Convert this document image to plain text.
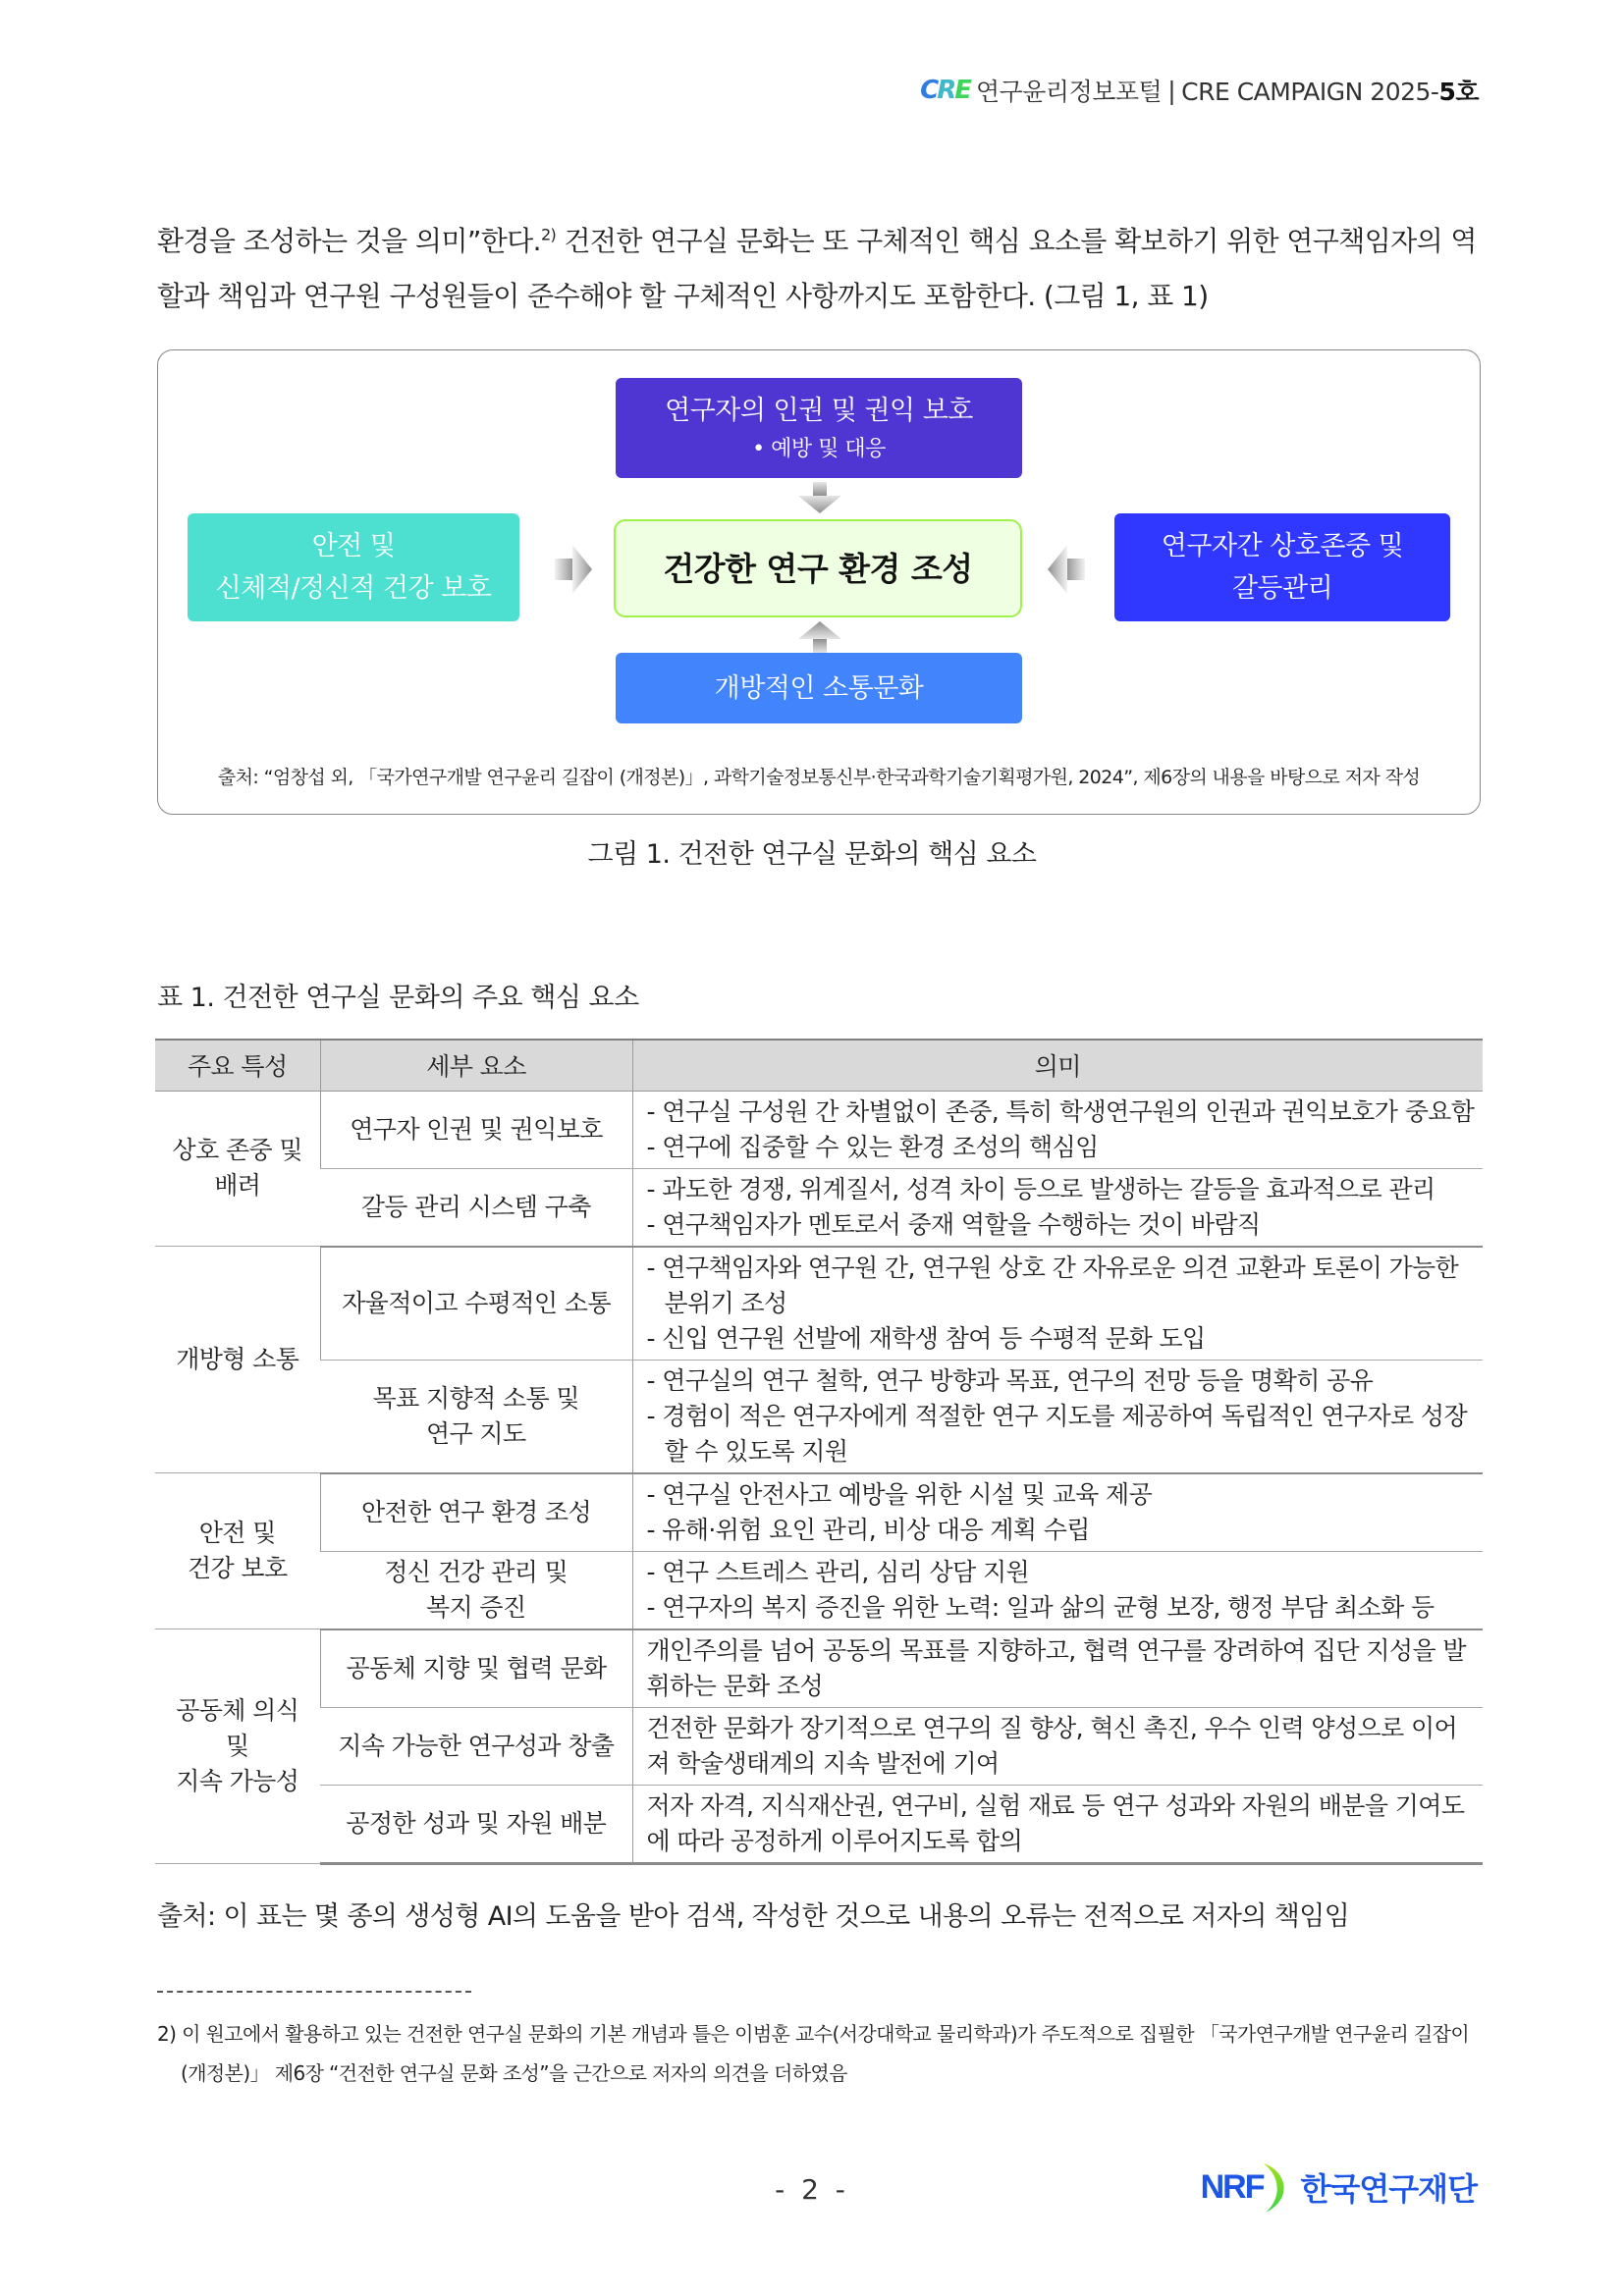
CRE 연구윤리정보포털 | CRE CAMPAIGN 2025-5호

환경을 조성하는 것을 의미”한다.$^{2)}$ 건전한 연구실 문화는 또 구체적인 핵심 요소를 확보하기 위한 연구책임자의 역할과 책임과 연구원 구성원들이 준수해야 할 구체적인 사항까지도 포함한다. (그림 1, 표 1)

연구자의 인권 및 권익 보호
• 예방 및 대응
안전 및
신체적/정신적 건강 보호
건강한 연구 환경 조성
연구자간 상호존중 및
갈등관리
개방적인 소통문화
출처: “엄창섭 외, 「국가연구개발 연구윤리 길잡이 (개정본)」, 과학기술정보통신부·한국과학기술기획평가원, 2024”, 제6장의 내용을 바탕으로 저자 작성
그림 1. 건전한 연구실 문화의 핵심 요소
표 1. 건전한 연구실 문화의 주요 핵심 요소
주요 특성	세부 요소	의미
상호 존중 및
배려	연구자 인권 및 권익보호	- 연구실 구성원 간 차별없이 존중, 특히 학생연구원의 인권과 권익보호가 중요함
- 연구에 집중할 수 있는 환경 조성의 핵심임

	갈등 관리 시스템 구축	- 과도한 경쟁, 위계질서, 성격 차이 등으로 발생하는 갈등을 효과적으로 관리
- 연구책임자가 멘토로서 중재 역할을 수행하는 것이 바람직

개방형 소통	자율적이고 수평적인 소통	- 연구책임자와 연구원 간, 연구원 상호 간 자유로운 의견 교환과 토론이 가능한 분위기 조성
- 신입 연구원 선발에 재학생 참여 등 수평적 문화 도입

	목표 지향적 소통 및
연구 지도	- 연구실의 연구 철학, 연구 방향과 목표, 연구의 전망 등을 명확히 공유
- 경험이 적은 연구자에게 적절한 연구 지도를 제공하여 독립적인 연구자로 성장할 수 있도록 지원

안전 및
건강 보호	안전한 연구 환경 조성	- 연구실 안전사고 예방을 위한 시설 및 교육 제공
- 유해·위험 요인 관리, 비상 대응 계획 수립

	정신 건강 관리 및
복지 증진	- 연구 스트레스 관리, 심리 상담 지원
- 연구자의 복지 증진을 위한 노력: 일과 삶의 균형 보장, 행정 부담 최소화 등

공동체 의식
및
지속 가능성	공동체 지향 및 협력 문화	개인주의를 넘어 공동의 목표를 지향하고, 협력 연구를 장려하여 집단 지성을 발휘하는 문화 조성
	지속 가능한 연구성과 창출	건전한 문화가 장기적으로 연구의 질 향상, 혁신 촉진, 우수 인력 양성으로 이어져 학술생태계의 지속 발전에 기여
	공정한 성과 및 자원 배분	저자 자격, 지식재산권, 연구비, 실험 재료 등 연구 성과와 자원의 배분을 기여도에 따라 공정하게 이루어지도록 합의
출처: 이 표는 몇 종의 생성형 AI의 도움을 받아 검색, 작성한 것으로 내용의 오류는 전적으로 저자의 책임임
2) 이 원고에서 활용하고 있는 건전한 연구실 문화의 기본 개념과 틀은 이범훈 교수(서강대학교 물리학과)가 주도적으로 집필한 「국가연구개발 연구윤리 길잡이
(개정본)」 제6장 “건전한 연구실 문화 조성”을 근간으로 저자의 의견을 더하였음
- 2 -	NRF 한국연구재단
